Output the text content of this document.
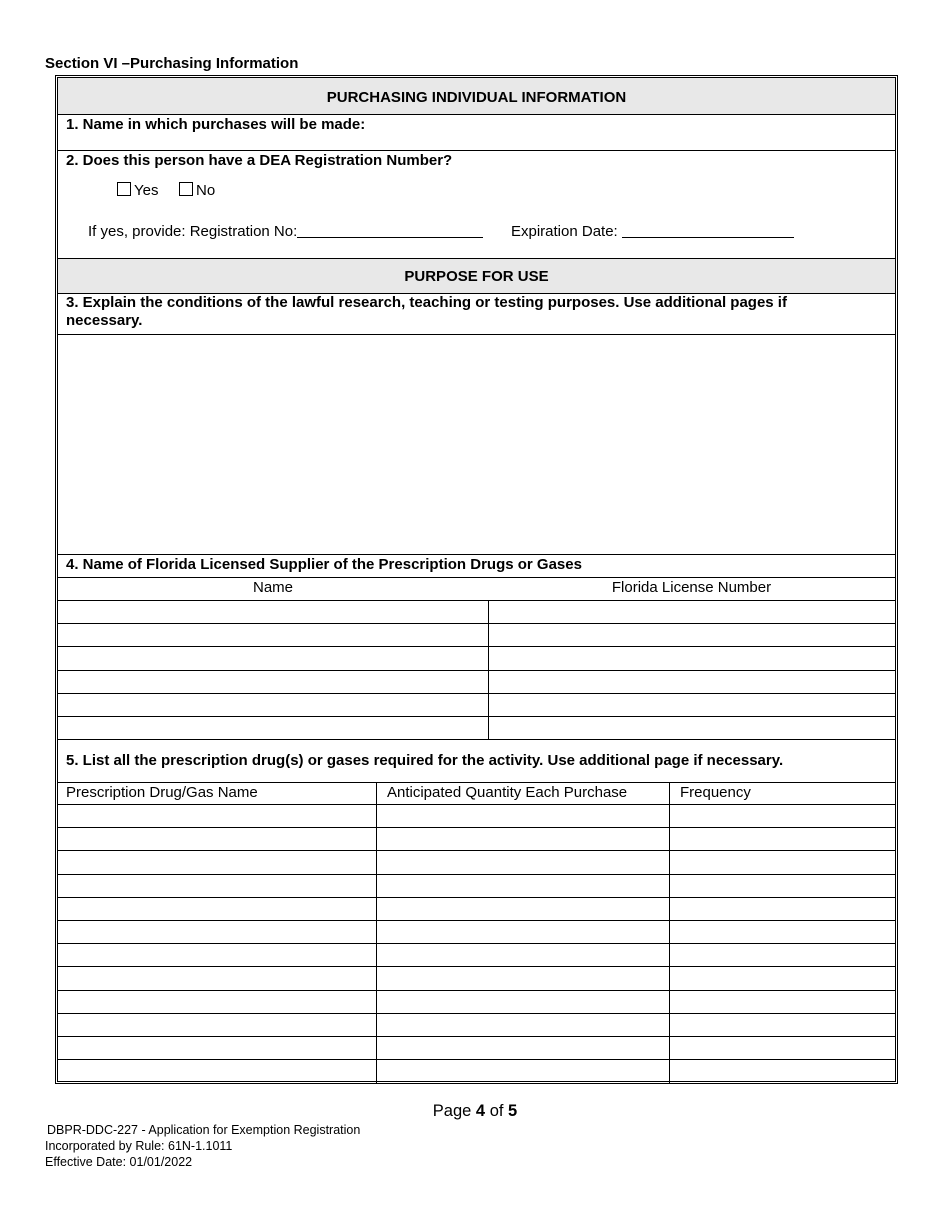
Section VI –Purchasing Information
PURCHASING INDIVIDUAL INFORMATION
1. Name in which purchases will be made:
2. Does this person have a DEA Registration Number?
Yes	No
If yes, provide: Registration No:	Expiration Date:
PURPOSE FOR USE
3. Explain the conditions of the lawful research, teaching or testing purposes. Use additional pages if necessary.
4. Name of Florida Licensed Supplier of the Prescription Drugs or Gases
Name	Florida License Number
5. List all the prescription drug(s) or gases required for the activity. Use additional page if necessary.
Prescription Drug/Gas Name	Anticipated Quantity Each Purchase	Frequency
Page 4 of 5
DBPR-DDC-227 - Application for Exemption Registration
Incorporated by Rule: 61N-1.1011
Effective Date: 01/01/2022
